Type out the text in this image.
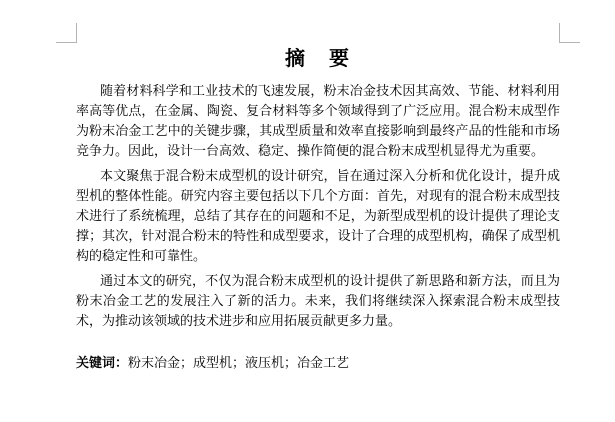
摘　要

随着材料科学和工业技术的飞速发展，粉末冶金技术因其高效、节能、材料利用率高等优点，在金属、陶瓷、复合材料等多个领域得到了广泛应用。混合粉末成型作为粉末冶金工艺中的关键步骤，其成型质量和效率直接影响到最终产品的性能和市场竞争力。因此，设计一台高效、稳定、操作简便的混合粉末成型机显得尤为重要。

本文聚焦于混合粉末成型机的设计研究，旨在通过深入分析和优化设计，提升成型机的整体性能。研究内容主要包括以下几个方面：首先，对现有的混合粉末成型技术进行了系统梳理，总结了其存在的问题和不足，为新型成型机的设计提供了理论支撑；其次，针对混合粉末的特性和成型要求，设计了合理的成型机构，确保了成型机构的稳定性和可靠性。

通过本文的研究，不仅为混合粉末成型机的设计提供了新思路和新方法，而且为粉末冶金工艺的发展注入了新的活力。未来，我们将继续深入探索混合粉末成型技术，为推动该领域的技术进步和应用拓展贡献更多力量。

关键词：粉末冶金；成型机；液压机；冶金工艺
